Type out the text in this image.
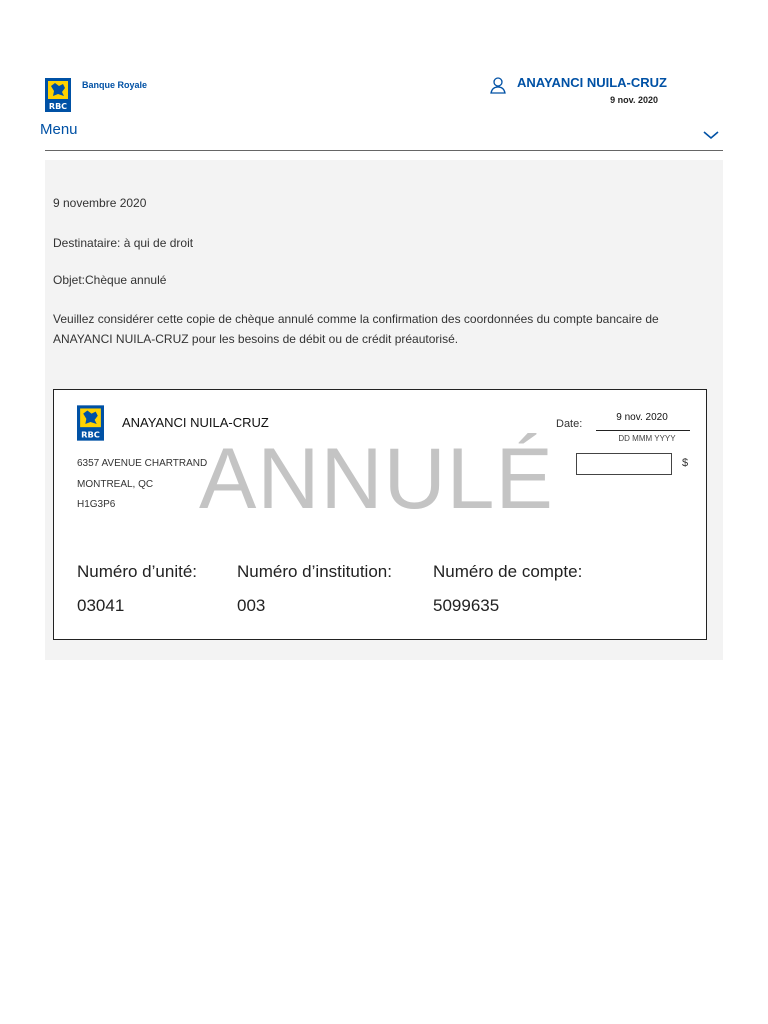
RBC
Banque Royale	ANAYANCI NUILA-CRUZ
9 nov. 2020
Menu
9 novembre 2020
Destinataire: à qui de droit
Objet:Chèque annulé
Veuillez considérer cette copie de chèque annulé comme la confirmation des coordonnées du compte bancaire de ANAYANCI NUILA-CRUZ pour les besoins de débit ou de crédit préautorisé.
RBC
ANAYANCI NUILA-CRUZ
6357 AVENUE CHARTRAND
MONTREAL, QC
H1G3P6 ANNULÉ
Date:
9 nov. 2020
DD MMM YYYY
$
Numéro d’unité: Numéro d’institution: Numéro de compte:
03041	003	5099635
